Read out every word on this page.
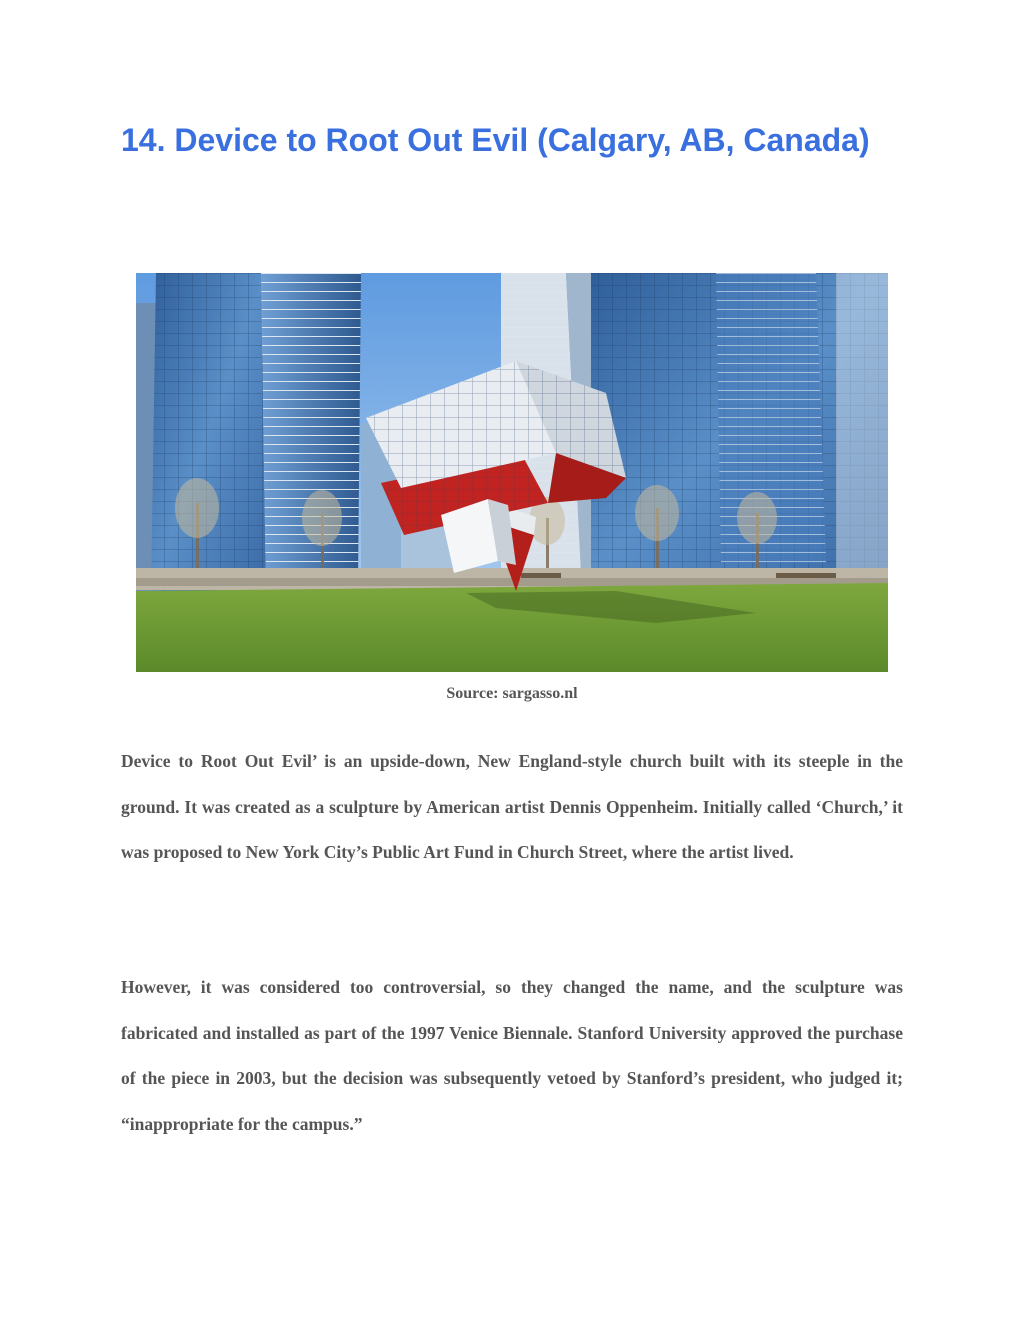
14. Device to Root Out Evil (Calgary, AB, Canada)

Source: sargasso.nl

Device to Root Out Evil’ is an upside-down, New England-style church built with its steeple in the ground. It was created as a sculpture by American artist Dennis Oppenheim. Initially called ‘Church,’ it was proposed to New York City’s Public Art Fund in Church Street, where the artist lived.

However, it was considered too controversial, so they changed the name, and the sculpture was fabricated and installed as part of the 1997 Venice Biennale. Stanford University approved the purchase of the piece in 2003, but the decision was subsequently vetoed by Stanford’s president, who judged it; “inappropriate for the campus.”
